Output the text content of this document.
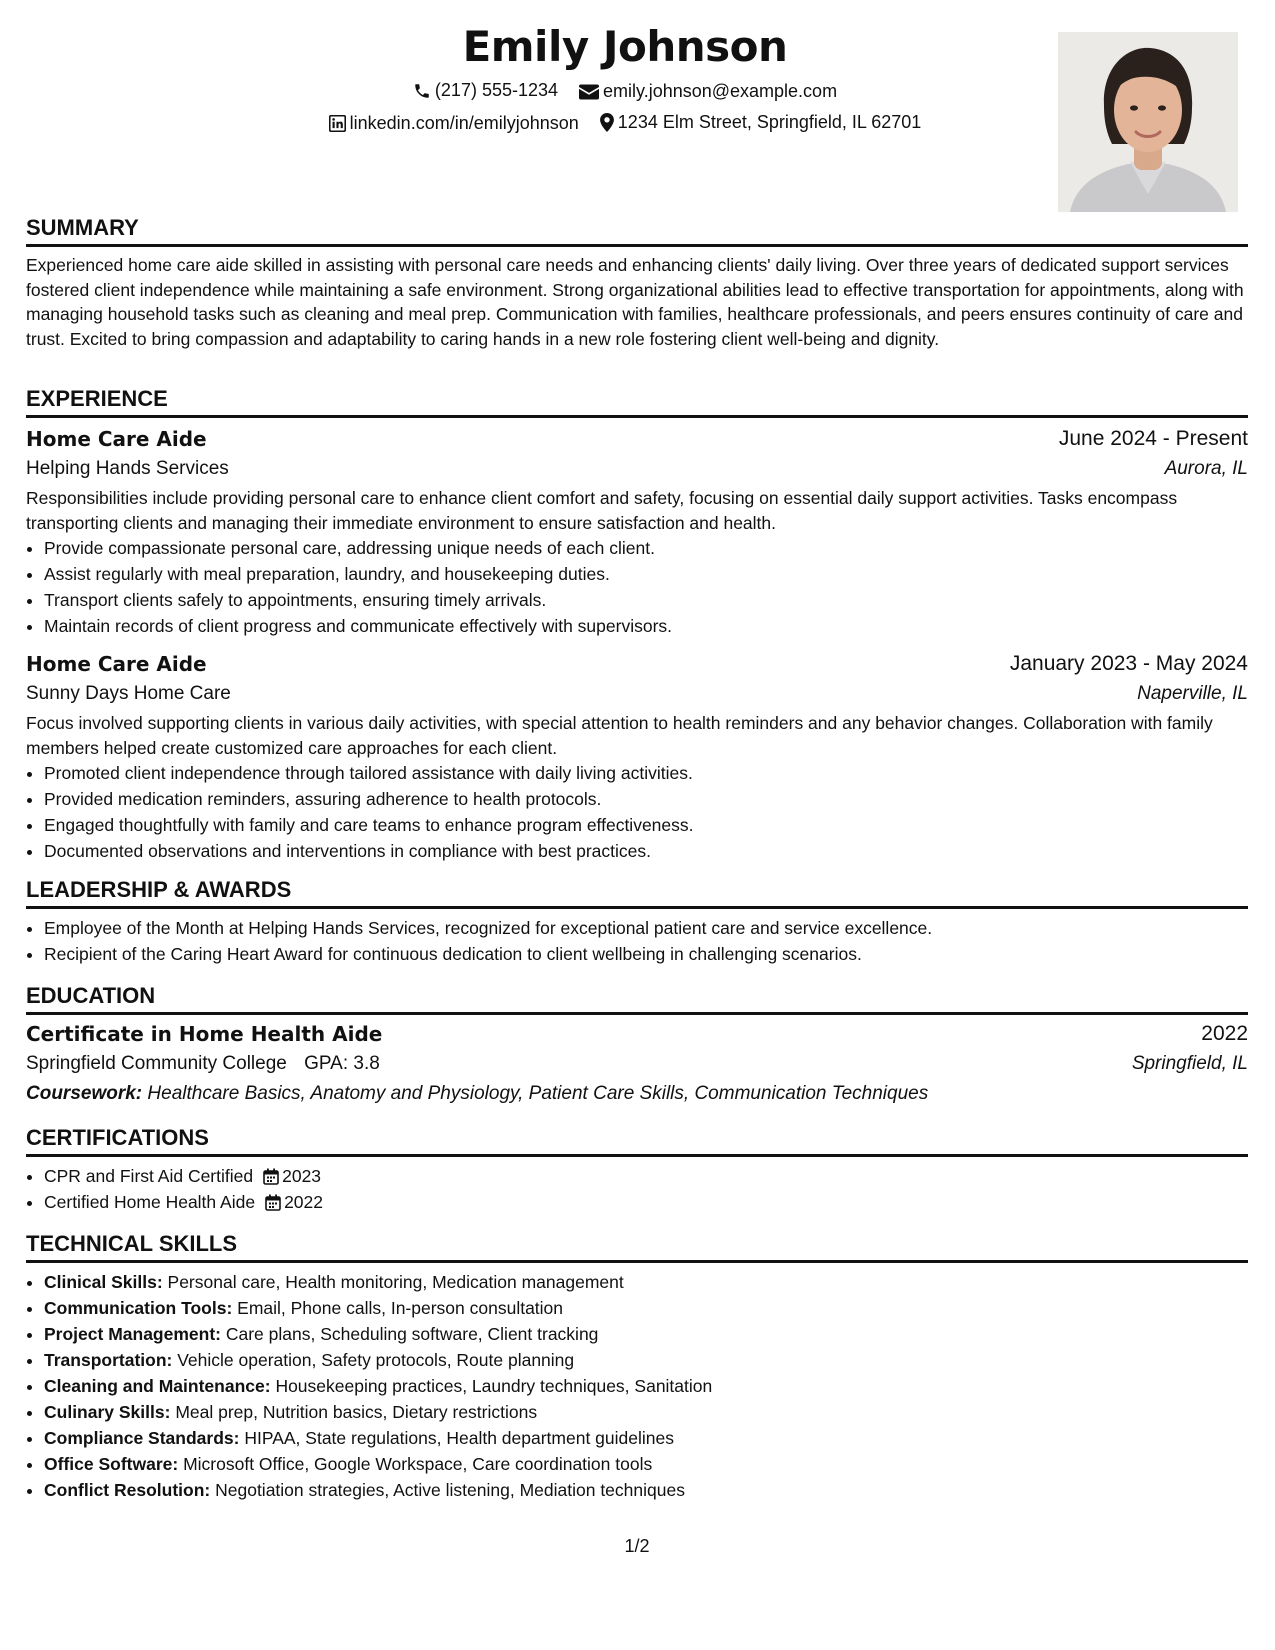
Emily Johnson
(217) 555-1234
	emily.johnson@example.com
linkedin.com/in/emilyjohnson
1234 Elm Street, Springfield, IL 62701
SUMMARY
Experienced home care aide skilled in assisting with personal care needs and enhancing clients' daily living. Over three years of dedicated support services fostered client independence while maintaining a safe environment. Strong organizational abilities lead to effective transportation for appointments, along with managing household tasks such as cleaning and meal prep. Communication with families, healthcare professionals, and peers ensures continuity of care and trust. Excited to bring compassion and adaptability to caring hands in a new role fostering client well-being and dignity.
EXPERIENCE
Home Care Aide	June 2024 - Present
Helping Hands Services	Aurora, IL
Responsibilities include providing personal care to enhance client comfort and safety, focusing on essential daily support activities. Tasks encompass transporting clients and managing their immediate environment to ensure satisfaction and health.
• Provide compassionate personal care, addressing unique needs of each client.
• Assist regularly with meal preparation, laundry, and housekeeping duties.
• Transport clients safely to appointments, ensuring timely arrivals.
• Maintain records of client progress and communicate effectively with supervisors.
Home Care Aide	January 2023 - May 2024
Sunny Days Home Care	Naperville, IL
Focus involved supporting clients in various daily activities, with special attention to health reminders and any behavior changes. Collaboration with family members helped create customized care approaches for each client.
• Promoted client independence through tailored assistance with daily living activities.
• Provided medication reminders, assuring adherence to health protocols.
• Engaged thoughtfully with family and care teams to enhance program effectiveness.
• Documented observations and interventions in compliance with best practices.
LEADERSHIP & AWARDS
• Employee of the Month at Helping Hands Services, recognized for exceptional patient care and service excellence.
• Recipient of the Caring Heart Award for continuous dedication to client wellbeing in challenging scenarios.
EDUCATION
Certificate in Home Health Aide	2022
Springfield Community College GPA: 3.8	Springfield, IL
Coursework: Healthcare Basics, Anatomy and Physiology, Patient Care Skills, Communication Techniques
CERTIFICATIONS
• CPR and First Aid Certified 2023
• Certified Home Health Aide 2022
TECHNICAL SKILLS
• Clinical Skills: Personal care, Health monitoring, Medication management
• Communication Tools: Email, Phone calls, In-person consultation
• Project Management: Care plans, Scheduling software, Client tracking
• Transportation: Vehicle operation, Safety protocols, Route planning
• Cleaning and Maintenance: Housekeeping practices, Laundry techniques, Sanitation
• Culinary Skills: Meal prep, Nutrition basics, Dietary restrictions
• Compliance Standards: HIPAA, State regulations, Health department guidelines
• Office Software: Microsoft Office, Google Workspace, Care coordination tools
• Conflict Resolution: Negotiation strategies, Active listening, Mediation techniques
1/2
